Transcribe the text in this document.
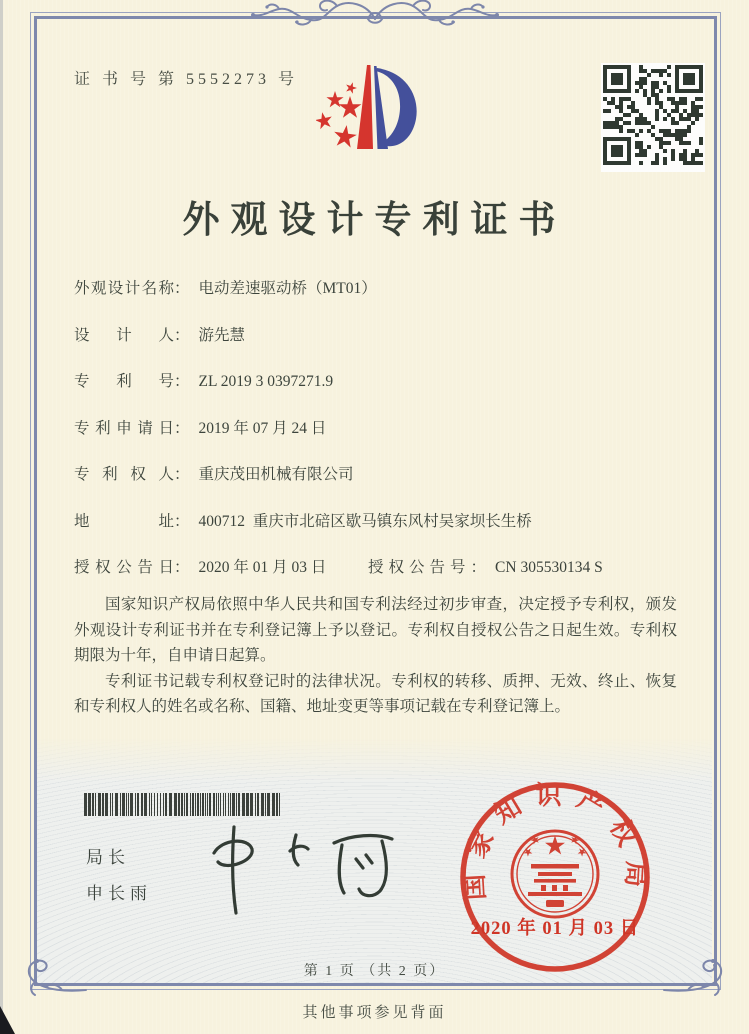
证 书 号 第 5552273 号
外观设计专利证书
外观设计名称： 电动差速驱动桥（MT01）
设计人： 游先慧
专利号： ZL 2019 3 0397271.9
专利申请日： 2019 年 07 月 24 日
专利权人： 重庆茂田机械有限公司
地址： 400712  重庆市北碚区歇马镇东风村吴家坝长生桥
授权公告日： 2020 年 01 月 03 日	授权公告号： CN 305530134 S

国家知识产权局依照中华人民共和国专利法经过初步审查，决定授予专利权，颁发外观设计专利证书并在专利登记簿上予以登记。专利权自授权公告之日起生效。专利权期限为十年，自申请日起算。

专利证书记载专利权登记时的法律状况。专利权的转移、质押、无效、终止、恢复和专利权人的姓名或名称、国籍、地址变更等事项记载在专利登记簿上。

局长
申长雨	国家知识产权局
2020 年 01 月 03 日
第 1 页 （共 2 页）
其他事项参见背面
